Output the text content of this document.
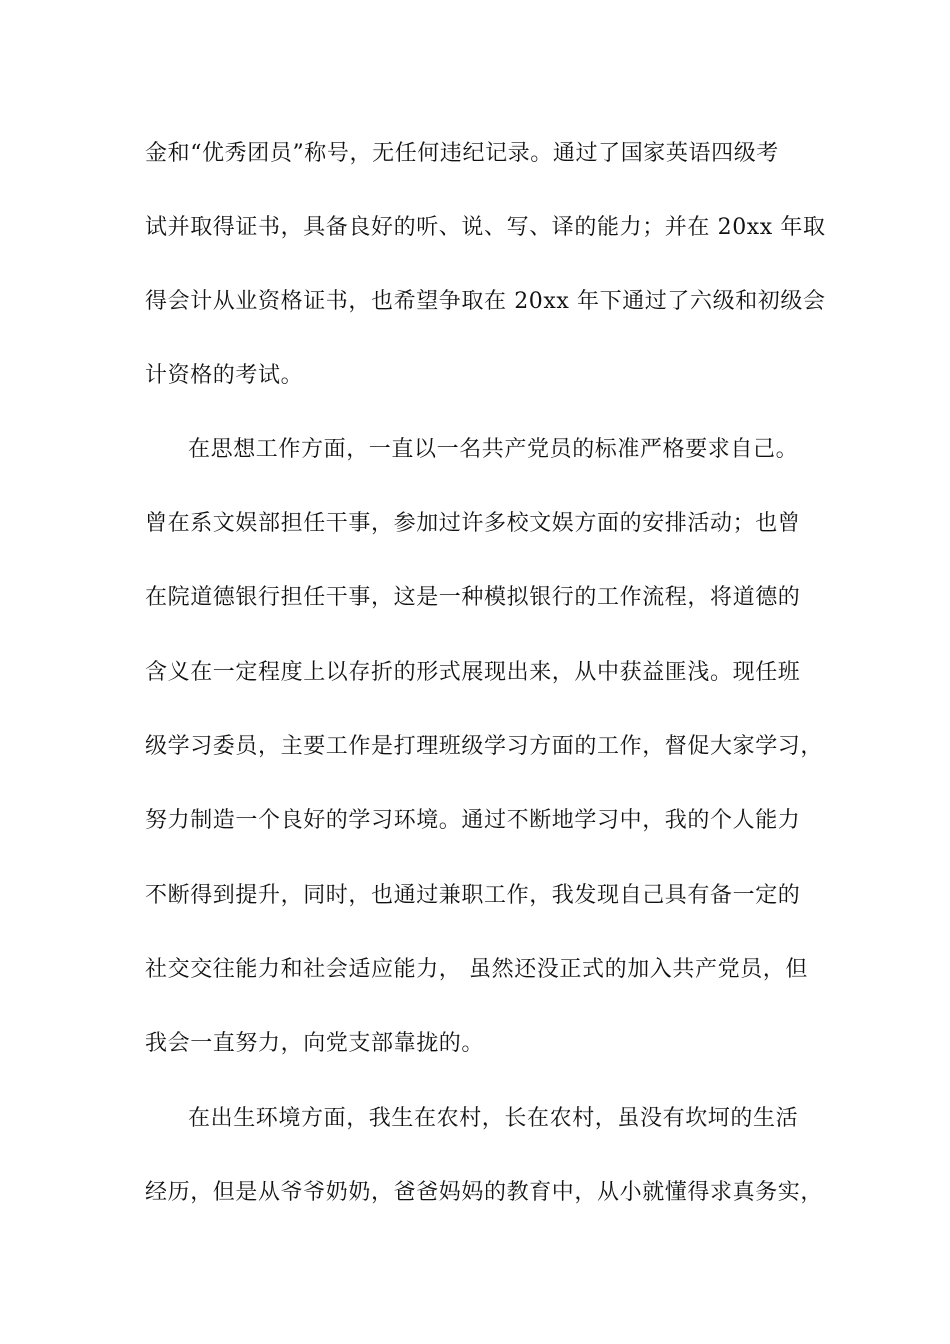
金和“优秀团员”称号，无任何违纪记录。通过了国家英语四级考
试并取得证书，具备良好的听、说、写、译的能力；并在 20xx 年取
得会计从业资格证书，也希望争取在 20xx 年下通过了六级和初级会
计资格的考试。
在思想工作方面，一直以一名共产党员的标准严格要求自己。
曾在系文娱部担任干事，参加过许多校文娱方面的安排活动；也曾
在院道德银行担任干事，这是一种模拟银行的工作流程，将道德的
含义在一定程度上以存折的形式展现出来，从中获益匪浅。现任班
级学习委员，主要工作是打理班级学习方面的工作，督促大家学习，
努力制造一个良好的学习环境。通过不断地学习中，我的个人能力
不断得到提升，同时，也通过兼职工作，我发现自己具有备一定的
社交交往能力和社会适应能力， 虽然还没正式的加入共产党员，但
我会一直努力，向党支部靠拢的。
在出生环境方面，我生在农村，长在农村，虽没有坎坷的生活
经历，但是从爷爷奶奶，爸爸妈妈的教育中，从小就懂得求真务实，
